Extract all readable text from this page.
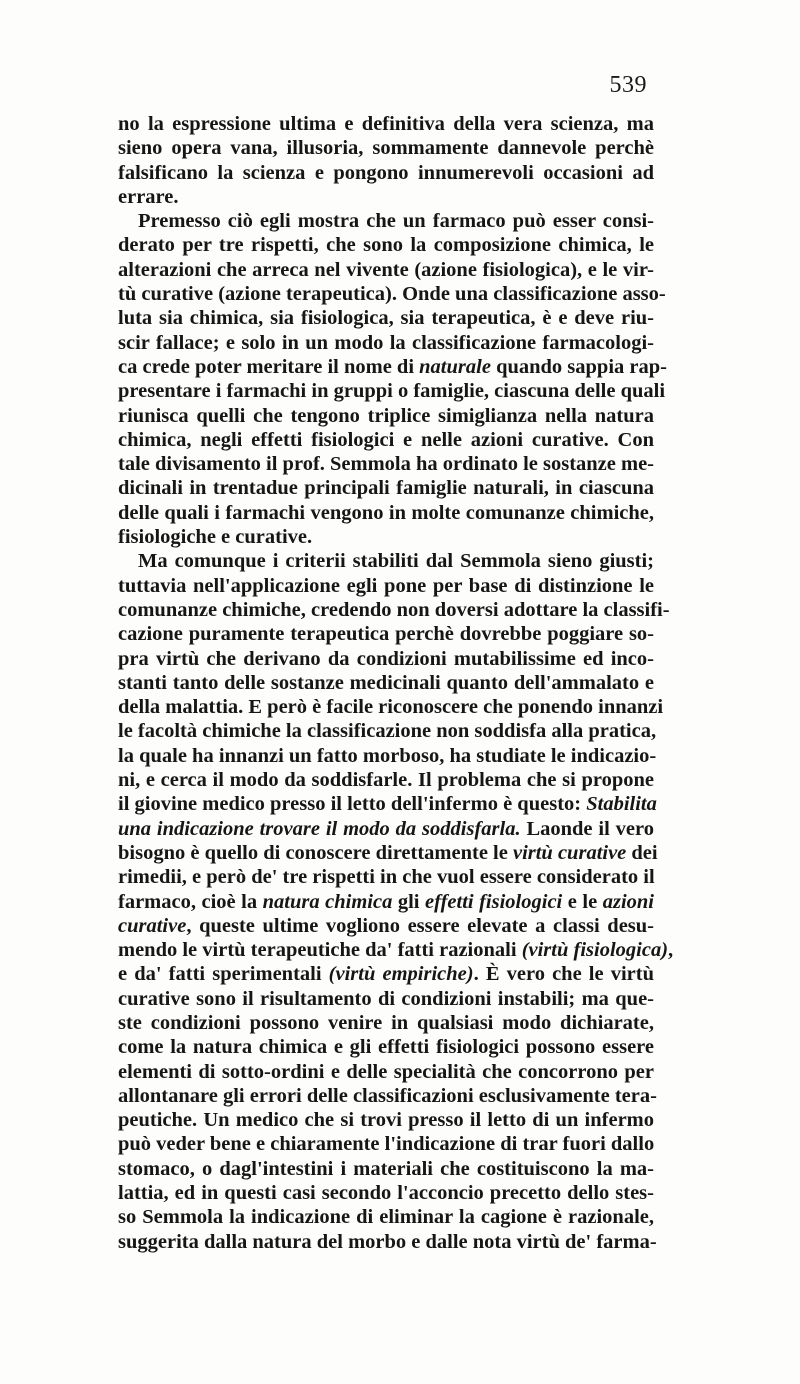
539
no la espressione ultima e definitiva della vera scienza, ma
sieno opera vana, illusoria, sommamente dannevole perchè
falsificano la scienza e pongono innumerevoli occasioni ad
errare.
Premesso ciò egli mostra che un farmaco può esser consi-
derato per tre rispetti, che sono la composizione chimica, le
alterazioni che arreca nel vivente (azione fisiologica), e le vir-
tù curative (azione terapeutica). Onde una classificazione asso-
luta sia chimica, sia fisiologica, sia terapeutica, è e deve riu-
scir fallace; e solo in un modo la classificazione farmacologi-
ca crede poter meritare il nome di naturale quando sappia rap-
presentare i farmachi in gruppi o famiglie, ciascuna delle quali
riunisca quelli che tengono triplice simiglianza nella natura
chimica, negli effetti fisiologici e nelle azioni curative. Con
tale divisamento il prof. Semmola ha ordinato le sostanze me-
dicinali in trentadue principali famiglie naturali, in ciascuna
delle quali i farmachi vengono in molte comunanze chimiche,
fisiologiche e curative.
Ma comunque i criterii stabiliti dal Semmola sieno giusti;
tuttavia nell'applicazione egli pone per base di distinzione le
comunanze chimiche, credendo non doversi adottare la classifi-
cazione puramente terapeutica perchè dovrebbe poggiare so-
pra virtù che derivano da condizioni mutabilissime ed inco-
stanti tanto delle sostanze medicinali quanto dell'ammalato e
della malattia. E però è facile riconoscere che ponendo innanzi
le facoltà chimiche la classificazione non soddisfa alla pratica,
la quale ha innanzi un fatto morboso, ha studiate le indicazio-
ni, e cerca il modo da soddisfarle. Il problema che si propone
il giovine medico presso il letto dell'infermo è questo: Stabilita
una indicazione trovare il modo da soddisfarla. Laonde il vero
bisogno è quello di conoscere direttamente le virtù curative dei
rimedii, e però de' tre rispetti in che vuol essere considerato il
farmaco, cioè la natura chimica gli effetti fisiologici e le azioni
curative, queste ultime vogliono essere elevate a classi desu-
mendo le virtù terapeutiche da' fatti razionali (virtù fisiologica),
e da' fatti sperimentali (virtù empiriche). È vero che le virtù
curative sono il risultamento di condizioni instabili; ma que-
ste condizioni possono venire in qualsiasi modo dichiarate,
come la natura chimica e gli effetti fisiologici possono essere
elementi di sotto-ordini e delle specialità che concorrono per
allontanare gli errori delle classificazioni esclusivamente tera-
peutiche. Un medico che si trovi presso il letto di un infermo
può veder bene e chiaramente l'indicazione di trar fuori dallo
stomaco, o dagl'intestini i materiali che costituiscono la ma-
lattia, ed in questi casi secondo l'acconcio precetto dello stes-
so Semmola la indicazione di eliminar la cagione è razionale,
suggerita dalla natura del morbo e dalle nota virtù de' farma-
